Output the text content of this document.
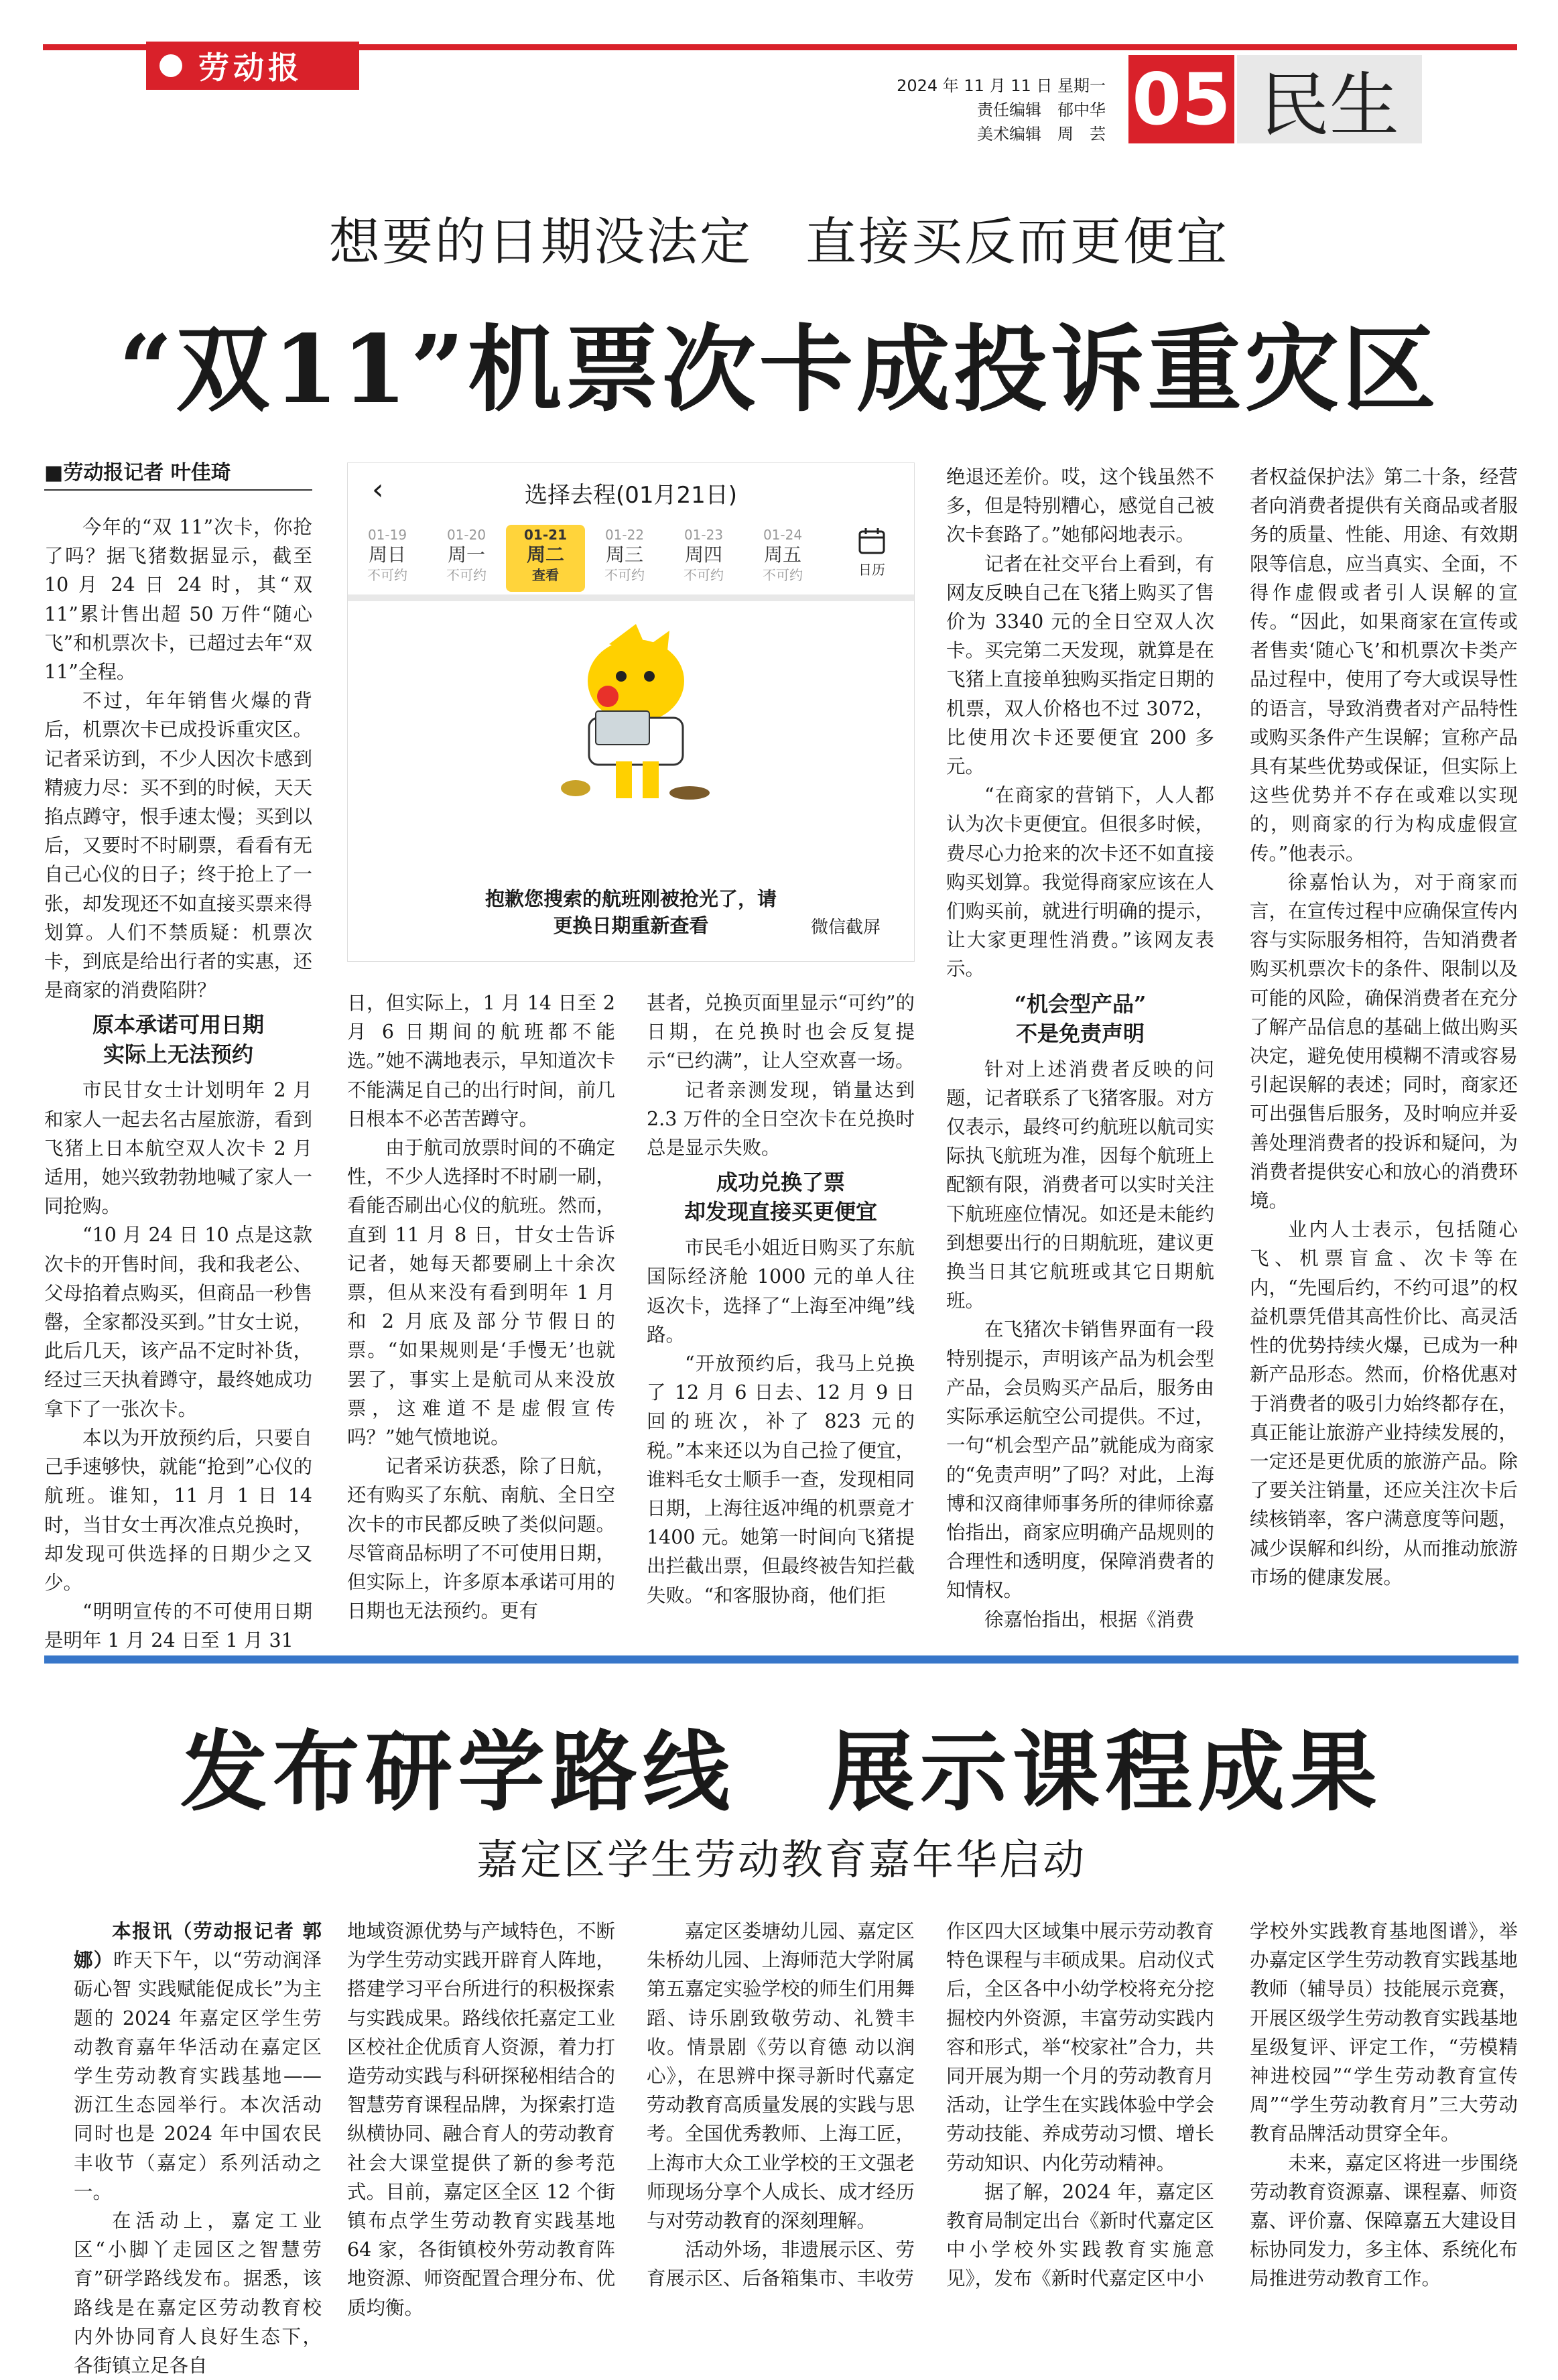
劳动报	2024 年 11 月 11 日 星期一
责任编辑　郁中华
美术编辑　周　芸 05 民生
想要的日期没法定　直接买反而更便宜
“双11”机票次卡成投诉重灾区
■劳动报记者 叶佳琦

今年的“双 11”次卡，你抢了吗？据飞猪数据显示，截至 10 月 24 日 24 时，其“双 11”累计售出超 50 万件“随心飞”和机票次卡，已超过去年“双 11”全程。

不过，年年销售火爆的背后，机票次卡已成投诉重灾区。记者采访到，不少人因次卡感到精疲力尽：买不到的时候，天天掐点蹲守，恨手速太慢；买到以后，又要时不时刷票，看看有无自己心仪的日子；终于抢上了一张，却发现还不如直接买票来得划算。人们不禁质疑：机票次卡，到底是给出行者的实惠，还是商家的消费陷阱？

原本承诺可用日期
实际上无法预约

市民甘女士计划明年 2 月和家人一起去名古屋旅游，看到飞猪上日本航空双人次卡 2 月适用，她兴致勃勃地喊了家人一同抢购。

“10 月 24 日 10 点是这款次卡的开售时间，我和我老公、父母掐着点购买，但商品一秒售罄，全家都没买到。”甘女士说，此后几天，该产品不定时补货，经过三天执着蹲守，最终她成功拿下了一张次卡。

本以为开放预约后，只要自己手速够快，就能“抢到”心仪的航班。谁知，11 月 1 日 14 时，当甘女士再次准点兑换时，却发现可供选择的日期少之又少。

“明明宣传的不可使用日期是明年 1 月 24 日至 1 月 31

‹	选择去程(01月21日)
01-19
周日
不可约
01-20
周一
不可约
01-21
周二
查看
01-22
周三
不可约
01-23
周四
不可约
01-24
周五
不可约	日历
抱歉您搜索的航班刚被抢光了，请
更换日期重新查看	微信截屏

日，但实际上，1 月 14 日至 2 月 6 日期间的航班都不能选。”她不满地表示，早知道次卡不能满足自己的出行时间，前几日根本不必苦苦蹲守。

由于航司放票时间的不确定性，不少人选择时不时刷一刷，看能否刷出心仪的航班。然而，直到 11 月 8 日，甘女士告诉记者，她每天都要刷上十余次票，但从来没有看到明年 1 月和 2 月底及部分节假日的票。“如果规则是‘手慢无’也就罢了，事实上是航司从来没放票，这难道不是虚假宣传吗？”她气愤地说。

记者采访获悉，除了日航，还有购买了东航、南航、全日空次卡的市民都反映了类似问题。尽管商品标明了不可使用日期，但实际上，许多原本承诺可用的日期也无法预约。更有

甚者，兑换页面里显示“可约”的日期，在兑换时也会反复提示“已约满”，让人空欢喜一场。

记者亲测发现，销量达到 2.3 万件的全日空次卡在兑换时总是显示失败。

成功兑换了票
却发现直接买更便宜

市民毛小姐近日购买了东航国际经济舱 1000 元的单人往返次卡，选择了“上海至冲绳”线路。

“开放预约后，我马上兑换了 12 月 6 日去、12 月 9 日回的班次，补了 823 元的税。”本来还以为自己捡了便宜，谁料毛女士顺手一查，发现相同日期，上海往返冲绳的机票竟才 1400 元。她第一时间向飞猪提出拦截出票，但最终被告知拦截失败。“和客服协商，他们拒

绝退还差价。哎，这个钱虽然不多，但是特别糟心，感觉自己被次卡套路了。”她郁闷地表示。

记者在社交平台上看到，有网友反映自己在飞猪上购买了售价为 3340 元的全日空双人次卡。买完第二天发现，就算是在飞猪上直接单独购买指定日期的机票，双人价格也不过 3072，比使用次卡还要便宜 200 多元。

“在商家的营销下，人人都认为次卡更便宜。但很多时候，费尽心力抢来的次卡还不如直接购买划算。我觉得商家应该在人们购买前，就进行明确的提示，让大家更理性消费。”该网友表示。

“机会型产品”
不是免责声明

针对上述消费者反映的问题，记者联系了飞猪客服。对方仅表示，最终可约航班以航司实际执飞航班为准，因每个航班上配额有限，消费者可以实时关注下航班座位情况。如还是未能约到想要出行的日期航班，建议更换当日其它航班或其它日期航班。

在飞猪次卡销售界面有一段特别提示，声明该产品为机会型产品，会员购买产品后，服务由实际承运航空公司提供。不过，一句“机会型产品”就能成为商家的“免责声明”了吗？对此，上海博和汉商律师事务所的律师徐嘉怡指出，商家应明确产品规则的合理性和透明度，保障消费者的知情权。

徐嘉怡指出，根据《消费

者权益保护法》第二十条，经营者向消费者提供有关商品或者服务的质量、性能、用途、有效期限等信息，应当真实、全面，不得作虚假或者引人误解的宣传。“因此，如果商家在宣传或者售卖‘随心飞’和机票次卡类产品过程中，使用了夸大或误导性的语言，导致消费者对产品特性或购买条件产生误解；宣称产品具有某些优势或保证，但实际上这些优势并不存在或难以实现的，则商家的行为构成虚假宣传。”他表示。

徐嘉怡认为，对于商家而言，在宣传过程中应确保宣传内容与实际服务相符，告知消费者购买机票次卡的条件、限制以及可能的风险，确保消费者在充分了解产品信息的基础上做出购买决定，避免使用模糊不清或容易引起误解的表述；同时，商家还可出强售后服务，及时响应并妥善处理消费者的投诉和疑问，为消费者提供安心和放心的消费环境。

业内人士表示，包括随心飞、机票盲盒、次卡等在内，“先囤后约，不约可退”的权益机票凭借其高性价比、高灵活性的优势持续火爆，已成为一种新产品形态。然而，价格优惠对于消费者的吸引力始终都存在，真正能让旅游产业持续发展的，一定还是更优质的旅游产品。除了要关注销量，还应关注次卡后续核销率，客户满意度等问题，减少误解和纠纷，从而推动旅游市场的健康发展。

发布研学路线　展示课程成果
嘉定区学生劳动教育嘉年华启动

本报讯（劳动报记者 郭娜）昨天下午，以“劳动润泽砺心智 实践赋能促成长”为主题的 2024 年嘉定区学生劳动教育嘉年华活动在嘉定区学生劳动教育实践基地——沥江生态园举行。本次活动同时也是 2024 年中国农民丰收节（嘉定）系列活动之一。

在活动上，嘉定工业区“小脚丫走园区之智慧劳育”研学路线发布。据悉，该路线是在嘉定区劳动教育校内外协同育人良好生态下，各街镇立足各自

地域资源优势与产域特色，不断为学生劳动实践开辟育人阵地，搭建学习平台所进行的积极探索与实践成果。路线依托嘉定工业区校社企优质育人资源，着力打造劳动实践与科研探秘相结合的智慧劳育课程品牌，为探索打造纵横协同、融合育人的劳动教育社会大课堂提供了新的参考范式。目前，嘉定区全区 12 个街镇布点学生劳动教育实践基地 64 家，各街镇校外劳动教育阵地资源、师资配置合理分布、优质均衡。

嘉定区娄塘幼儿园、嘉定区朱桥幼儿园、上海师范大学附属第五嘉定实验学校的师生们用舞蹈、诗乐剧致敬劳动、礼赞丰收。情景剧《劳以育德 动以润心》，在思辨中探寻新时代嘉定劳动教育高质量发展的实践与思考。全国优秀教师、上海工匠，上海市大众工业学校的王文强老师现场分享个人成长、成才经历与对劳动教育的深刻理解。

活动外场，非遗展示区、劳育展示区、后备箱集市、丰收劳

作区四大区域集中展示劳动教育特色课程与丰硕成果。启动仪式后，全区各中小幼学校将充分挖掘校内外资源，丰富劳动实践内容和形式，举“校家社”合力，共同开展为期一个月的劳动教育月活动，让学生在实践体验中学会劳动技能、养成劳动习惯、增长劳动知识、内化劳动精神。

据了解，2024 年，嘉定区教育局制定出台《新时代嘉定区中小学校外实践教育实施意见》，发布《新时代嘉定区中小

学校外实践教育基地图谱》，举办嘉定区学生劳动教育实践基地教师（辅导员）技能展示竞赛，开展区级学生劳动教育实践基地星级复评、评定工作，“劳模精神进校园”“学生劳动教育宣传周”“学生劳动教育月”三大劳动教育品牌活动贯穿全年。

未来，嘉定区将进一步围绕劳动教育资源嘉、课程嘉、师资嘉、评价嘉、保障嘉五大建设目标协同发力，多主体、系统化布局推进劳动教育工作。
